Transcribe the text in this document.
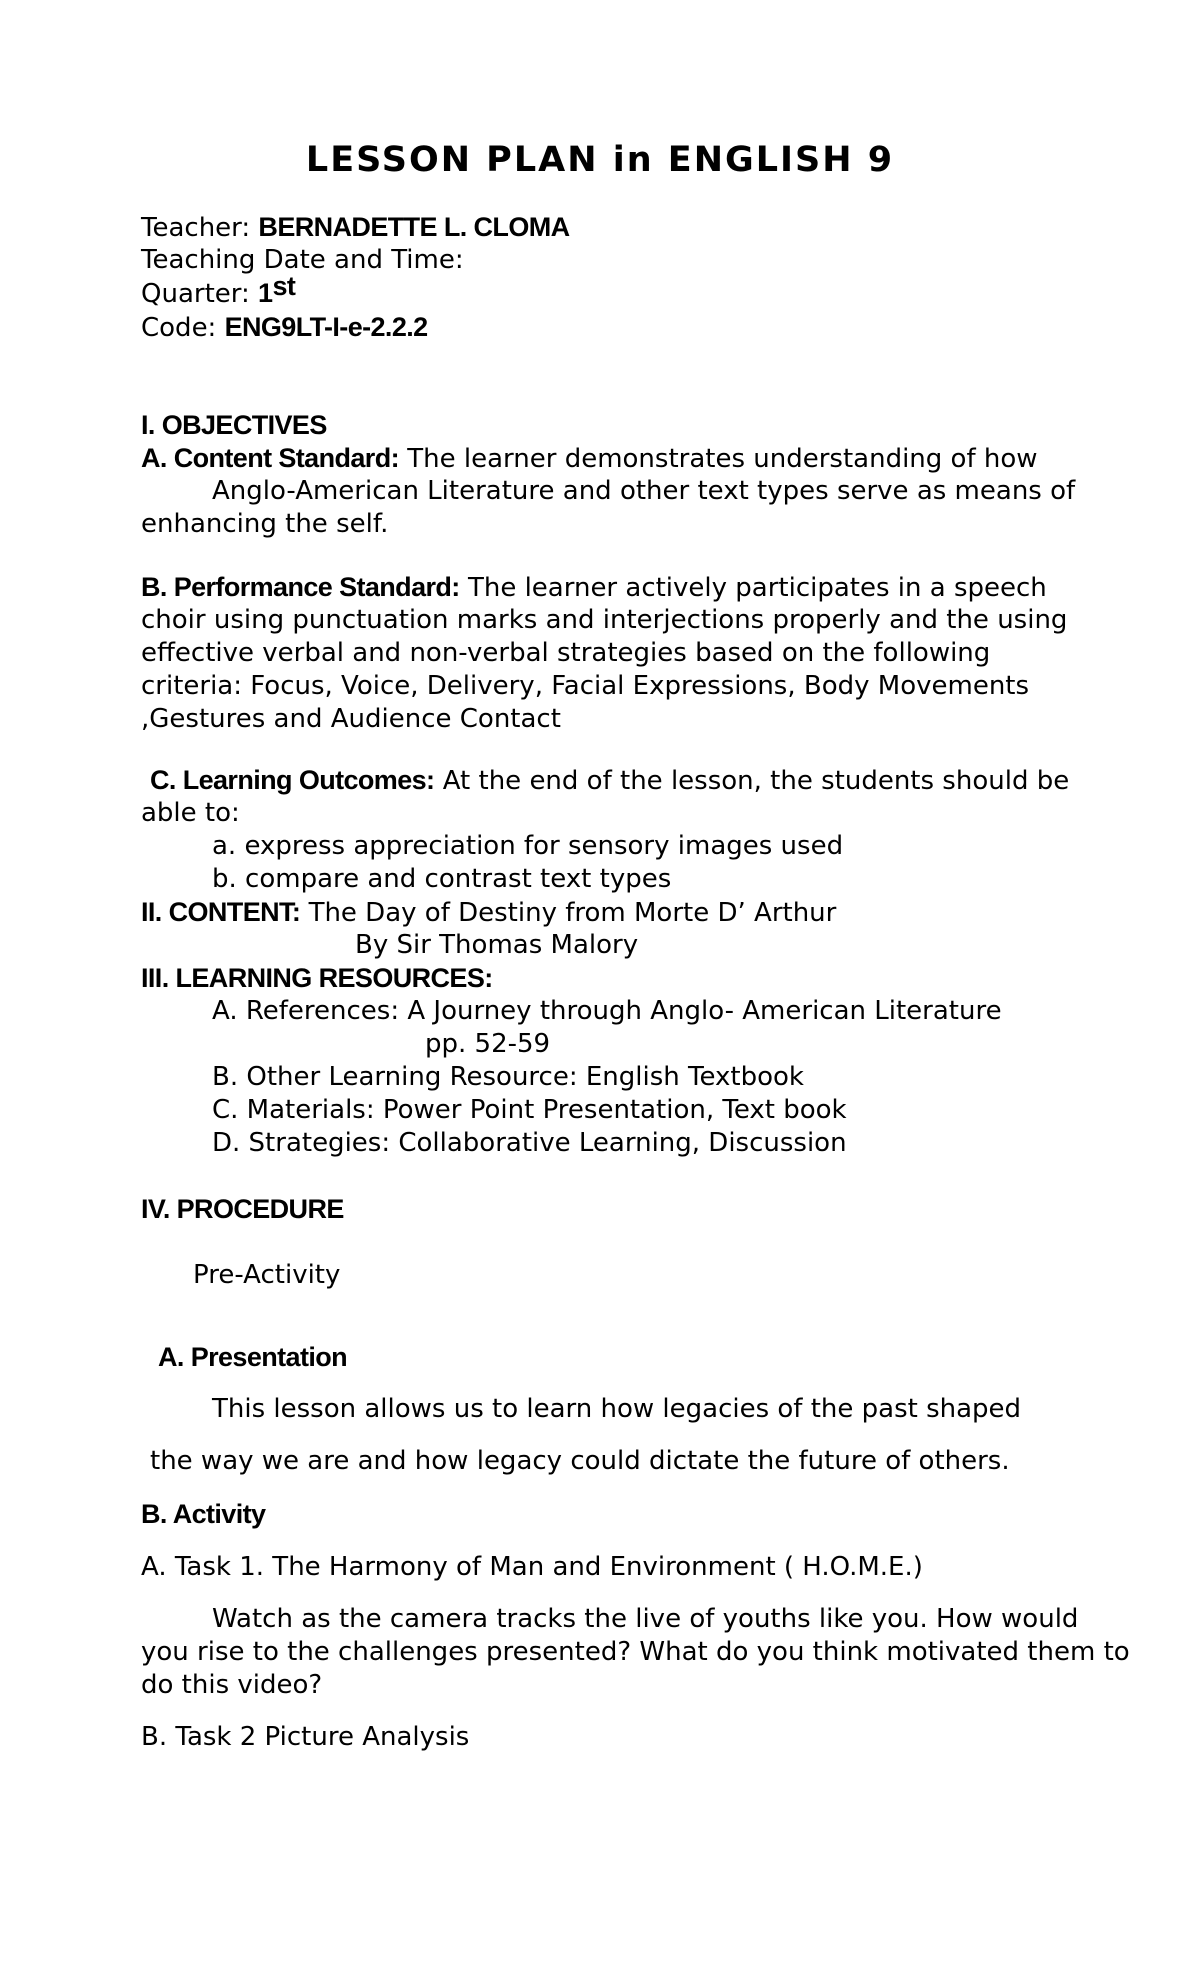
LESSON PLAN in ENGLISH 9
Teacher: BERNADETTE L. CLOMA
Teaching Date and Time:
Quarter: 1st
Code: ENG9LT-I-e-2.2.2
I. OBJECTIVES
A. Content Standard: The learner demonstrates understanding of how
Anglo-American Literature and other text types serve as means of
enhancing the self.
B. Performance Standard: The learner actively participates in a speech
choir using punctuation marks and interjections properly and the using
effective verbal and non-verbal strategies based on the following
criteria: Focus, Voice, Delivery, Facial Expressions, Body Movements
,Gestures and Audience Contact
C. Learning Outcomes: At the end of the lesson, the students should be
able to:
a. express appreciation for sensory images used
b. compare and contrast text types
II. CONTENT: The Day of Destiny from Morte D’ Arthur
By Sir Thomas Malory
III. LEARNING RESOURCES:
A. References: A Journey through Anglo- American Literature
pp. 52-59
B. Other Learning Resource: English Textbook
C. Materials: Power Point Presentation, Text book
D. Strategies: Collaborative Learning, Discussion
IV. PROCEDURE
Pre-Activity
A. Presentation
This lesson allows us to learn how legacies of the past shaped
the way we are and how legacy could dictate the future of others.
B. Activity
A. Task 1. The Harmony of Man and Environment ( H.O.M.E.)
Watch as the camera tracks the live of youths like you. How would
you rise to the challenges presented? What do you think motivated them to
do this video?
B. Task 2 Picture Analysis
